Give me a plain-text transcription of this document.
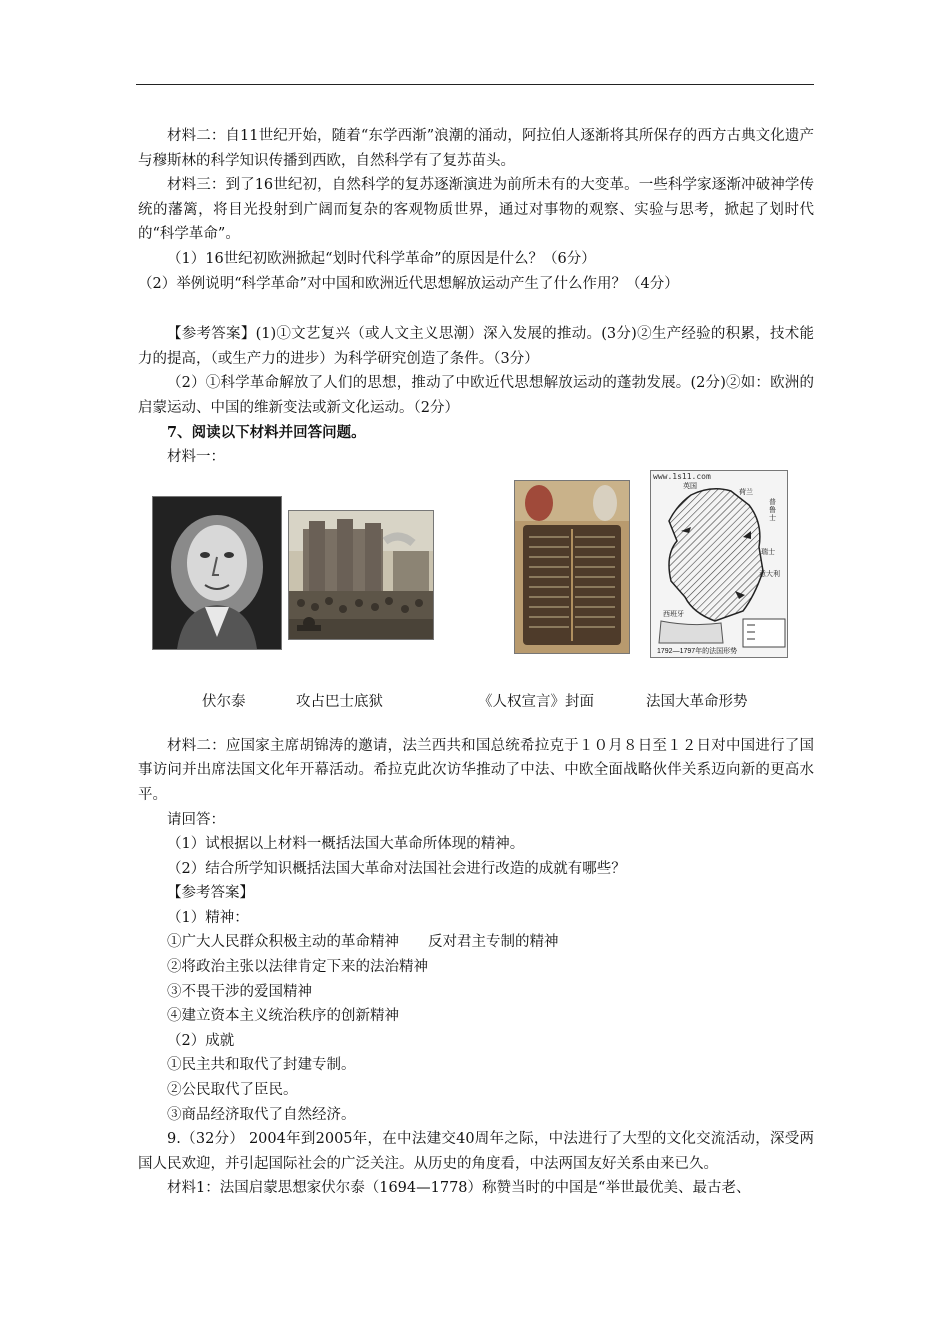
材料二：自11世纪开始，随着“东学西渐”浪潮的涌动，阿拉伯人逐渐将其所保存的西方古典文化遗产与穆斯林的科学知识传播到西欧，自然科学有了复苏苗头。

材料三：到了16世纪初，自然科学的复苏逐渐演进为前所未有的大变革。一些科学家逐渐冲破神学传统的藩篱，将目光投射到广阔而复杂的客观物质世界，通过对事物的观察、实验与思考，掀起了划时代的“科学革命”。

（1）16世纪初欧洲掀起“划时代科学革命”的原因是什么？（6分）

（2）举例说明“科学革命”对中国和欧洲近代思想解放运动产生了什么作用？（4分）

【参考答案】(1)①文艺复兴（或人文主义思潮）深入发展的推动。(3分)②生产经验的积累，技术能力的提高，（或生产力的进步）为科学研究创造了条件。（3分）

（2）①科学革命解放了人们的思想，推动了中欧近代思想解放运动的蓬勃发展。(2分)②如：欧洲的启蒙运动、中国的维新变法或新文化运动。（2分）

7、阅读以下材料并回答问题。

材料一：

www.1s11.com
英国
普鲁士
荷兰
瑞士
意大利
西班牙
1792—1797年的法国形势
伏尔泰	攻占巴士底狱	《人权宣言》封面	法国大革命形势

材料二：应国家主席胡锦涛的邀请，法兰西共和国总统希拉克于１０月８日至１２日对中国进行了国事访问并出席法国文化年开幕活动。希拉克此次访华推动了中法、中欧全面战略伙伴关系迈向新的更高水平。

请回答：

（1）试根据以上材料一概括法国大革命所体现的精神。

（2）结合所学知识概括法国大革命对法国社会进行改造的成就有哪些？

【参考答案】

（1）精神：

①广大人民群众积极主动的革命精神　　反对君主专制的精神

②将政治主张以法律肯定下来的法治精神

③不畏干涉的爱国精神

④建立资本主义统治秩序的创新精神

（2）成就

①民主共和取代了封建专制。

②公民取代了臣民。

③商品经济取代了自然经济。

9.（32分） 2004年到2005年，在中法建交40周年之际，中法进行了大型的文化交流活动，深受两国人民欢迎，并引起国际社会的广泛关注。从历史的角度看，中法两国友好关系由来已久。

材料1：法国启蒙思想家伏尔泰（1694—1778）称赞当时的中国是“举世最优美、最古老、
